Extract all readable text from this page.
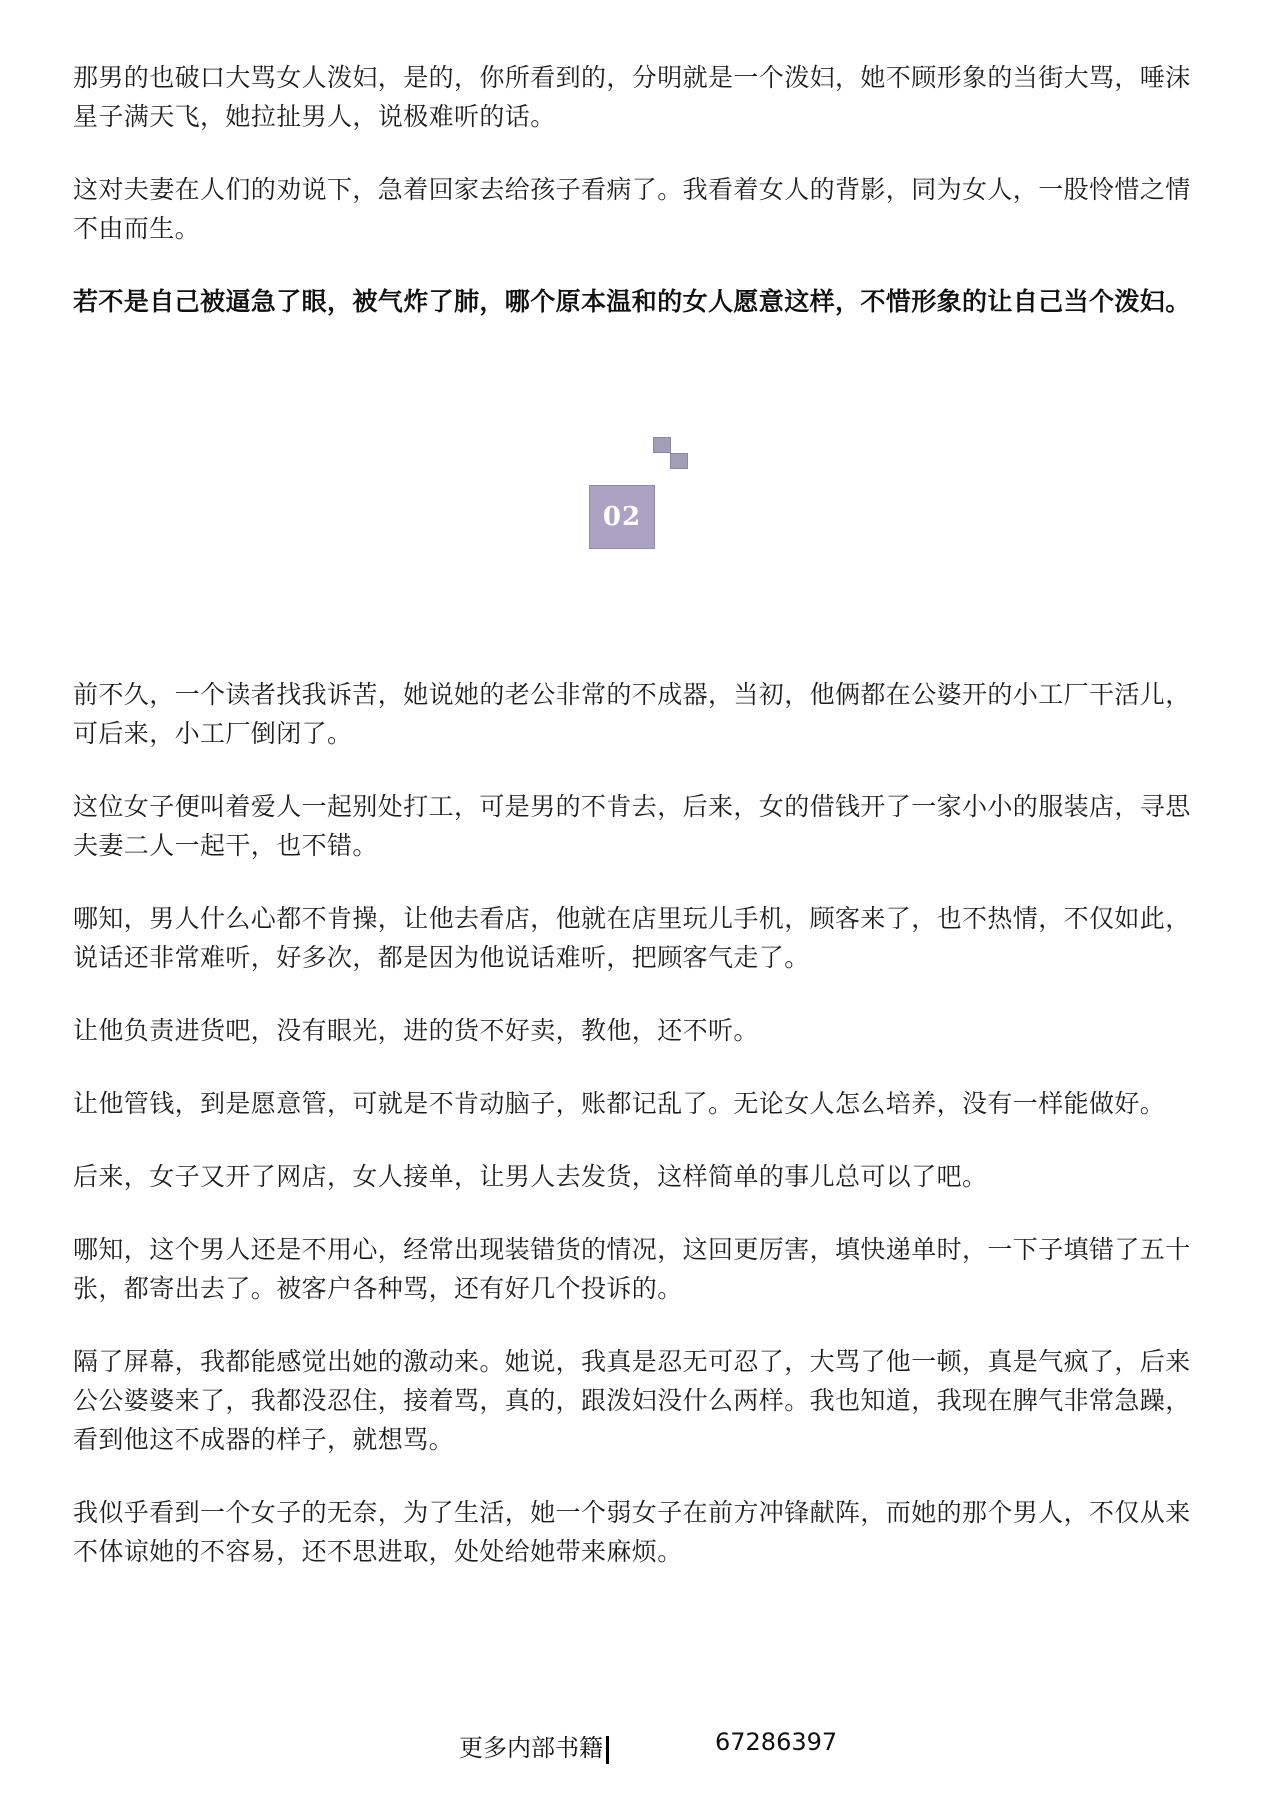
那男的也破口大骂女人泼妇，是的，你所看到的，分明就是一个泼妇，她不顾形象的当街大骂，唾沫星子满天飞，她拉扯男人，说极难听的话。

这对夫妻在人们的劝说下，急着回家去给孩子看病了。我看着女人的背影，同为女人，一股怜惜之情不由而生。

若不是自己被逼急了眼，被气炸了肺，哪个原本温和的女人愿意这样，不惜形象的让自己当个泼妇。

02

前不久，一个读者找我诉苦，她说她的老公非常的不成器，当初，他俩都在公婆开的小工厂干活儿，可后来，小工厂倒闭了。

这位女子便叫着爱人一起别处打工，可是男的不肯去，后来，女的借钱开了一家小小的服装店，寻思夫妻二人一起干，也不错。

哪知，男人什么心都不肯操，让他去看店，他就在店里玩儿手机，顾客来了，也不热情，不仅如此，说话还非常难听，好多次，都是因为他说话难听，把顾客气走了。

让他负责进货吧，没有眼光，进的货不好卖，教他，还不听。

让他管钱，到是愿意管，可就是不肯动脑子，账都记乱了。无论女人怎么培养，没有一样能做好。

后来，女子又开了网店，女人接单，让男人去发货，这样简单的事儿总可以了吧。

哪知，这个男人还是不用心，经常出现装错货的情况，这回更厉害，填快递单时，一下子填错了五十张，都寄出去了。被客户各种骂，还有好几个投诉的。

隔了屏幕，我都能感觉出她的激动来。她说，我真是忍无可忍了，大骂了他一顿，真是气疯了，后来公公婆婆来了，我都没忍住，接着骂，真的，跟泼妇没什么两样。我也知道，我现在脾气非常急躁，看到他这不成器的样子，就想骂。

我似乎看到一个女子的无奈，为了生活，她一个弱女子在前方冲锋献阵，而她的那个男人，不仅从来不体谅她的不容易，还不思进取，处处给她带来麻烦。

更多内部书籍	67286397
